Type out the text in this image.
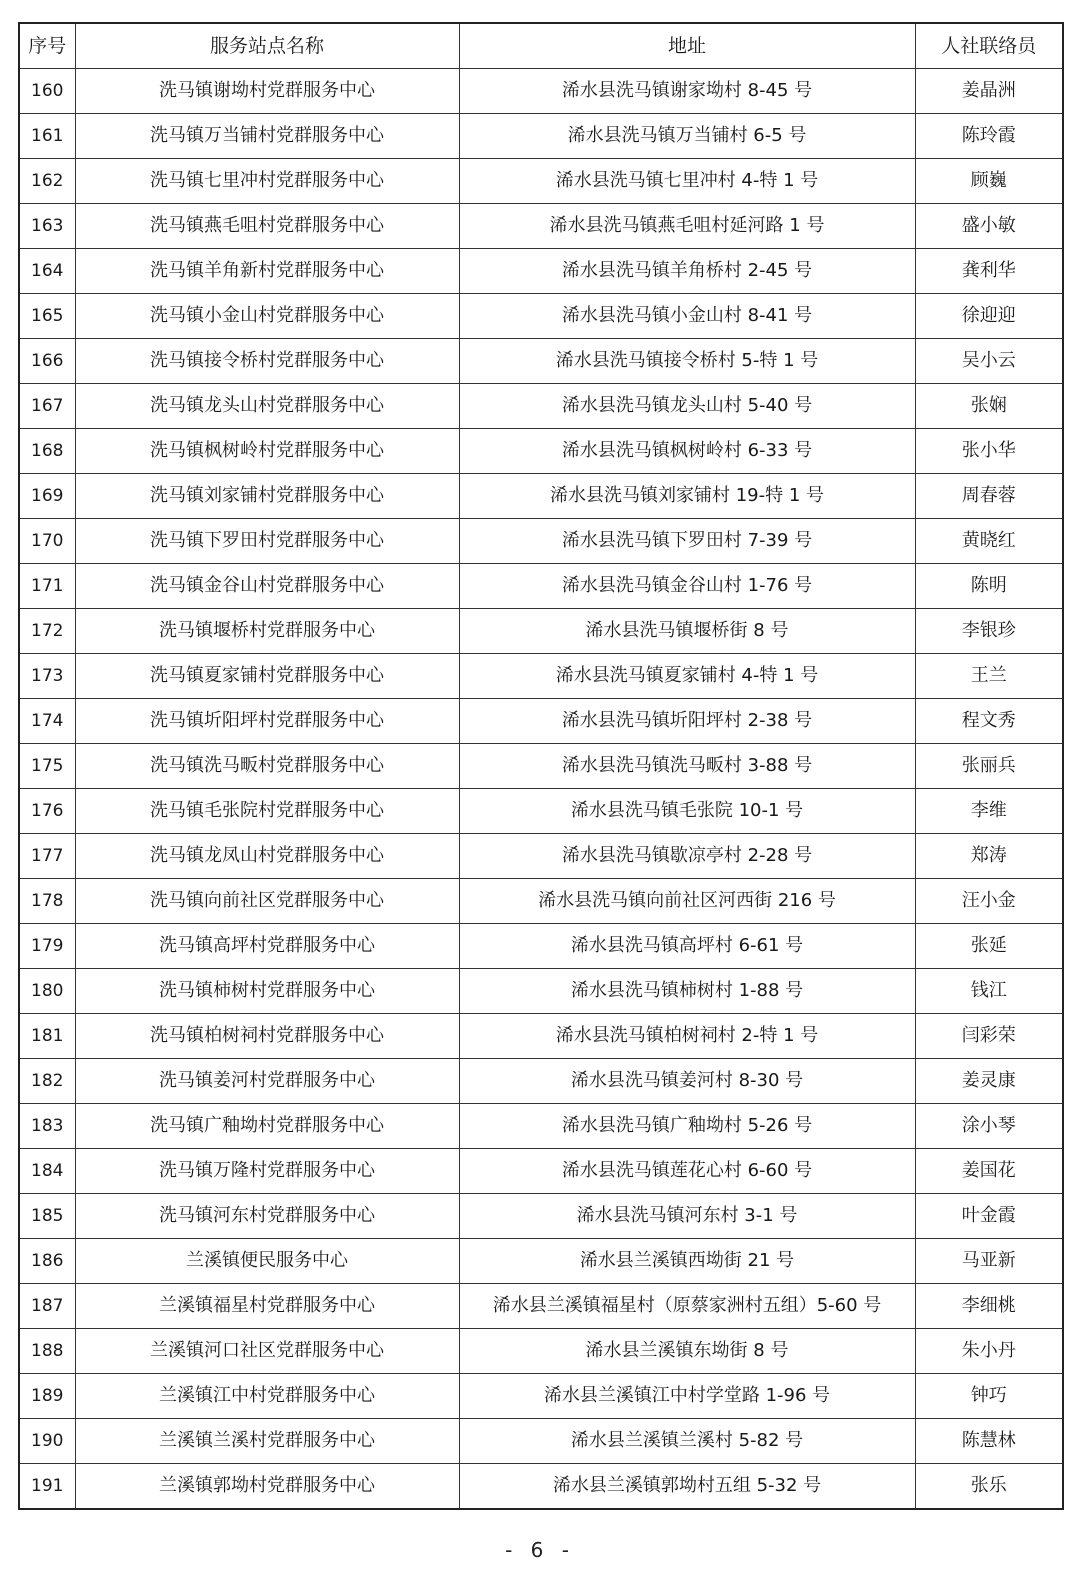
序号	服务站点名称	地址	人社联络员
160	洗马镇谢坳村党群服务中心	浠水县洗马镇谢家坳村 8-45 号	姜晶洲
161	洗马镇万当铺村党群服务中心	浠水县洗马镇万当铺村 6-5 号	陈玲霞
162	洗马镇七里冲村党群服务中心	浠水县洗马镇七里冲村 4-特 1 号	顾巍
163	洗马镇燕毛咀村党群服务中心	浠水县洗马镇燕毛咀村延河路 1 号	盛小敏
164	洗马镇羊角新村党群服务中心	浠水县洗马镇羊角桥村 2-45 号	龚利华
165	洗马镇小金山村党群服务中心	浠水县洗马镇小金山村 8-41 号	徐迎迎
166	洗马镇接令桥村党群服务中心	浠水县洗马镇接令桥村 5-特 1 号	吴小云
167	洗马镇龙头山村党群服务中心	浠水县洗马镇龙头山村 5-40 号	张娴
168	洗马镇枫树岭村党群服务中心	浠水县洗马镇枫树岭村 6-33 号	张小华
169	洗马镇刘家铺村党群服务中心	浠水县洗马镇刘家铺村 19-特 1 号	周春蓉
170	洗马镇下罗田村党群服务中心	浠水县洗马镇下罗田村 7-39 号	黄晓红
171	洗马镇金谷山村党群服务中心	浠水县洗马镇金谷山村 1-76 号	陈明
172	洗马镇堰桥村党群服务中心	浠水县洗马镇堰桥街 8 号	李银珍
173	洗马镇夏家铺村党群服务中心	浠水县洗马镇夏家铺村 4-特 1 号	王兰
174	洗马镇圻阳坪村党群服务中心	浠水县洗马镇圻阳坪村 2-38 号	程文秀
175	洗马镇洗马畈村党群服务中心	浠水县洗马镇洗马畈村 3-88 号	张丽兵
176	洗马镇毛张院村党群服务中心	浠水县洗马镇毛张院 10-1 号	李维
177	洗马镇龙凤山村党群服务中心	浠水县洗马镇歇凉亭村 2-28 号	郑涛
178	洗马镇向前社区党群服务中心	浠水县洗马镇向前社区河西街 216 号	汪小金
179	洗马镇高坪村党群服务中心	浠水县洗马镇高坪村 6-61 号	张延
180	洗马镇柿树村党群服务中心	浠水县洗马镇柿树村 1-88 号	钱江
181	洗马镇柏树祠村党群服务中心	浠水县洗马镇柏树祠村 2-特 1 号	闫彩荣
182	洗马镇姜河村党群服务中心	浠水县洗马镇姜河村 8-30 号	姜灵康
183	洗马镇广釉坳村党群服务中心	浠水县洗马镇广釉坳村 5-26 号	涂小琴
184	洗马镇万隆村党群服务中心	浠水县洗马镇莲花心村 6-60 号	姜国花
185	洗马镇河东村党群服务中心	浠水县洗马镇河东村 3-1 号	叶金霞
186	兰溪镇便民服务中心	浠水县兰溪镇西坳街 21 号	马亚新
187	兰溪镇福星村党群服务中心	浠水县兰溪镇福星村（原蔡家洲村五组）5-60 号	李细桃
188	兰溪镇河口社区党群服务中心	浠水县兰溪镇东坳街 8 号	朱小丹
189	兰溪镇江中村党群服务中心	浠水县兰溪镇江中村学堂路 1-96 号	钟巧
190	兰溪镇兰溪村党群服务中心	浠水县兰溪镇兰溪村 5-82 号	陈慧林
191	兰溪镇郭坳村党群服务中心	浠水县兰溪镇郭坳村五组 5-32 号	张乐
- 6 -
